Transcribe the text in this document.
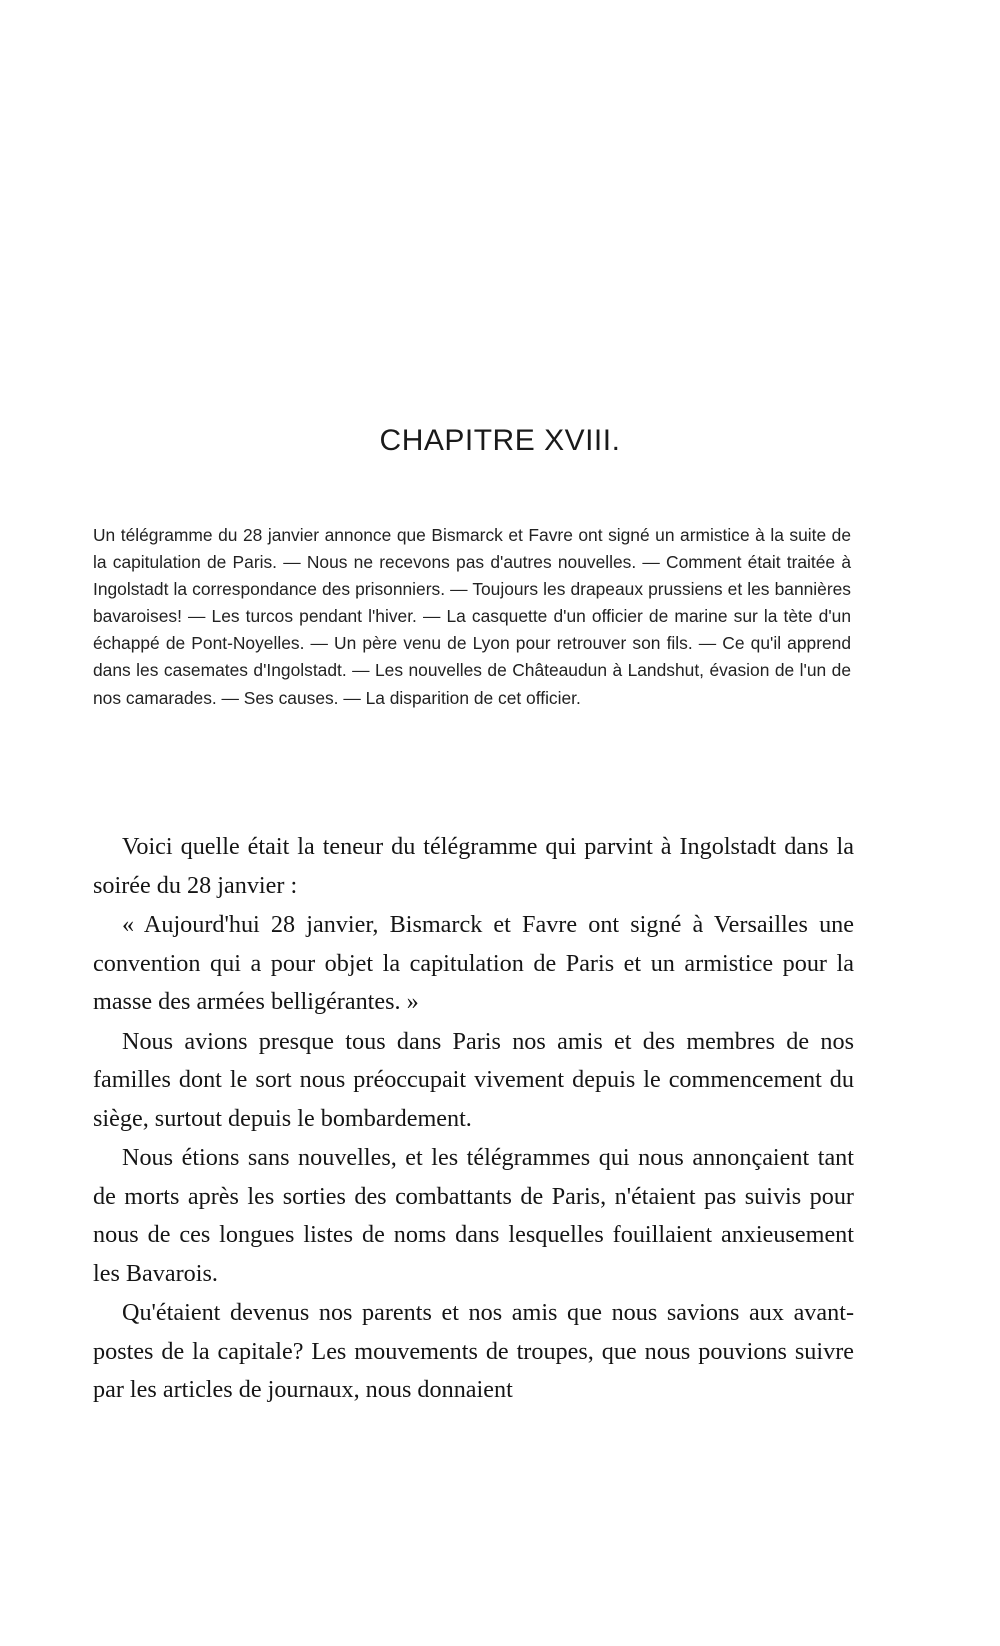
CHAPITRE XVIII.

Un télégramme du 28 janvier annonce que Bismarck et Favre ont signé un armistice à la suite de la capitulation de Paris. — Nous ne recevons pas d'autres nouvelles. — Comment était traitée à Ingolstadt la correspondance des prisonniers. — Toujours les drapeaux prussiens et les bannières bavaroises! — Les turcos pendant l'hiver. — La casquette d'un officier de marine sur la tète d'un échappé de Pont-Noyelles. — Un père venu de Lyon pour retrouver son fils. — Ce qu'il apprend dans les casemates d'Ingolstadt. — Les nouvelles de Châteaudun à Landshut, évasion de l'un de nos camarades. — Ses causes. — La disparition de cet officier.

Voici quelle était la teneur du télégramme qui parvint à Ingolstadt dans la soirée du 28 janvier :

« Aujourd'hui 28 janvier, Bismarck et Favre ont signé à Versailles une convention qui a pour objet la capitulation de Paris et un armistice pour la masse des armées belligérantes. »

Nous avions presque tous dans Paris nos amis et des membres de nos familles dont le sort nous préoccupait vivement depuis le commencement du siège, surtout depuis le bombardement.

Nous étions sans nouvelles, et les télégrammes qui nous annonçaient tant de morts après les sorties des combattants de Paris, n'étaient pas suivis pour nous de ces longues listes de noms dans lesquelles fouillaient anxieusement les Bavarois.

Qu'étaient devenus nos parents et nos amis que nous savions aux avant-postes de la capitale? Les mouvements de troupes, que nous pouvions suivre par les articles de journaux, nous donnaient
